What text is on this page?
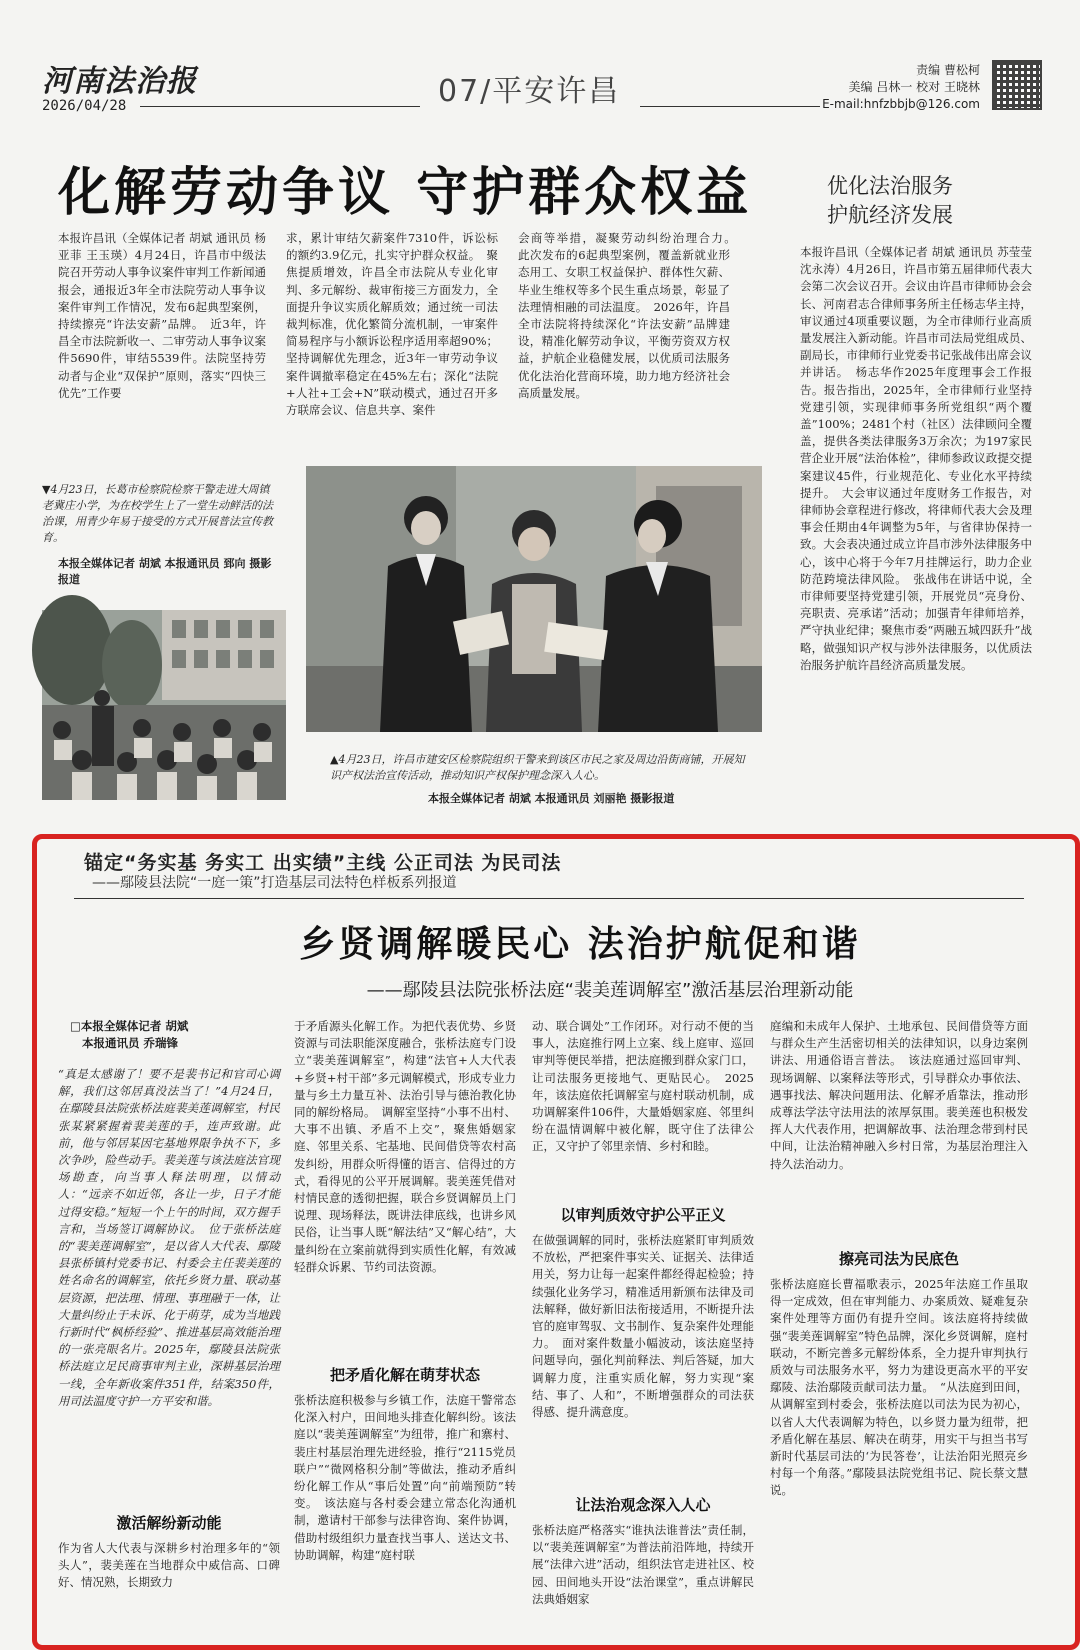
河南法治报
2026/04/28	07/平安许昌
责编 曹松柯
美编 吕林一 校对 王晓林
E-mail:hnfzbbjb@126.com
化解劳动争议 守护群众权益
本报许昌讯（全媒体记者 胡斌 通讯员 杨亚菲 王玉瑛）4月24日，许昌市中级法院召开劳动人事争议案件审判工作新闻通报会，通报近3年全市法院劳动人事争议案件审判工作情况，发布6起典型案例，持续擦亮“许法安薪”品牌。　近3年，许昌全市法院新收一、二审劳动人事争议案件5690件，审结5539件。法院坚持劳动者与企业“双保护”原则，落实“四快三优先”工作要
求，累计审结欠薪案件7310件，诉讼标的额约3.9亿元，扎实守护群众权益。　聚焦提质增效，许昌全市法院从专业化审判、多元解纷、裁审衔接三方面发力，全面提升争议实质化解质效；通过统一司法裁判标准，优化繁简分流机制，一审案件简易程序与小额诉讼程序适用率超90%；坚持调解优先理念，近3年一审劳动争议案件调撤率稳定在45%左右；深化“法院+人社+工会+N”联动模式，通过召开多方联席会议、信息共享、案件
会商等举措，凝聚劳动纠纷治理合力。　此次发布的6起典型案例，覆盖新就业形态用工、女职工权益保护、群体性欠薪、毕业生维权等多个民生重点场景，彰显了法理情相融的司法温度。　2026年，许昌全市法院将持续深化“许法安薪”品牌建设，精准化解劳动争议，平衡劳资双方权益，护航企业稳健发展，以优质司法服务优化法治化营商环境，助力地方经济社会高质量发展。
优化法治服务
护航经济发展
本报许昌讯（全媒体记者 胡斌 通讯员 苏莹莹 沈永涛）4月26日，许昌市第五届律师代表大会第二次会议召开。会议由许昌市律师协会会长、河南君志合律师事务所主任杨志华主持，审议通过4项重要议题，为全市律师行业高质量发展注入新动能。许昌市司法局党组成员、副局长，市律师行业党委书记张战伟出席会议并讲话。　杨志华作2025年度理事会工作报告。报告指出，2025年，全市律师行业坚持党建引领，实现律师事务所党组织“两个覆盖”100%；2481个村（社区）法律顾问全覆盖，提供各类法律服务3万余次；为197家民营企业开展“法治体检”，律师参政议政提交提案建议45件，行业规范化、专业化水平持续提升。　大会审议通过年度财务工作报告，对律师协会章程进行修改，将律师代表大会及理事会任期由4年调整为5年，与省律协保持一致。大会表决通过成立许昌市涉外法律服务中心，该中心将于今年7月挂牌运行，助力企业防范跨境法律风险。　张战伟在讲话中说，全市律师要坚持党建引领，开展党员“亮身份、亮职责、亮承诺”活动；加强青年律师培养，严守执业纪律；聚焦市委“两融五城四跃升”战略，做强知识产权与涉外法律服务，以优质法治服务护航许昌经济高质量发展。
▼4月23日，长葛市检察院检察干警走进大周镇老冀庄小学，为在校学生上了一堂生动鲜活的法治课，用青少年易于接受的方式开展普法宣传教育。
本报全媒体记者 胡斌 本报通讯员 郅向 摄影报道
▲4月23日，许昌市建安区检察院组织干警来到该区市民之家及周边沿街商铺，开展知识产权法治宣传活动，推动知识产权保护理念深入人心。
本报全媒体记者 胡斌 本报通讯员 刘丽艳 摄影报道
锚定“务实基 务实工 出实绩”主线 公正司法 为民司法
——鄢陵县法院“一庭一策”打造基层司法特色样板系列报道
乡贤调解暖民心 法治护航促和谐
——鄢陵县法院张桥法庭“裴美莲调解室”激活基层治理新动能
□本报全媒体记者 胡斌
本报通讯员 乔瑞锋
“真是太感谢了！要不是裴书记和官司心调解，我们这邻居真没法当了！”4月24日，在鄢陵县法院张桥法庭裴美莲调解室，村民张某紧紧握着裴美莲的手，连声致谢。此前，他与邻居某因宅基地界限争执不下，多次争吵，险些动手。裴美莲与该法庭法官现场勘查，向当事人释法明理，以情动人：“远亲不如近邻，各让一步，日子才能过得安稳。”短短一个上午的时间，双方握手言和，当场签订调解协议。　位于张桥法庭的“裴美莲调解室”，是以省人大代表、鄢陵县张桥镇村党委书记、村委会主任裴美莲的姓名命名的调解室，依托乡贤力量、联动基层资源，把法理、情理、事理融于一体，让大量纠纷止于未诉、化于萌芽，成为当地践行新时代“枫桥经验”、推进基层高效能治理的一张亮眼名片。2025年，鄢陵县法院张桥法庭立足民商事审判主业，深耕基层治理一线，全年新收案件351件，结案350件，用司法温度守护一方平安和谐。
激活解纷新动能
作为省人大代表与深耕乡村治理多年的“领头人”，裴美莲在当地群众中威信高、口碑好、情况熟，长期致力
于矛盾源头化解工作。为把代表优势、乡贤资源与司法职能深度融合，张桥法庭专门设立“裴美莲调解室”，构建“法官+人大代表+乡贤+村干部”多元调解模式，形成专业力量与乡土力量互补、法治引导与德治教化协同的解纷格局。　调解室坚持“小事不出村、大事不出镇、矛盾不上交”，聚焦婚姻家庭、邻里关系、宅基地、民间借贷等农村高发纠纷，用群众听得懂的语言、信得过的方式，看得见的公平开展调解。裴美莲凭借对村情民意的透彻把握，联合乡贤调解员上门说理、现场释法，既讲法律底线，也讲乡风民俗，让当事人既“解法结”又“解心结”，大量纠纷在立案前就得到实质性化解，有效减轻群众诉累、节约司法资源。
把矛盾化解在萌芽状态
张桥法庭积极参与乡镇工作，法庭干警常态化深入村户，田间地头排查化解纠纷。该法庭以“裴美莲调解室”为纽带，推广和寨村、裴庄村基层治理先进经验，推行“2115党员联户”“微网格积分制”等做法，推动矛盾纠纷化解工作从“事后处置”向“前端预防”转变。　该法庭与各村委会建立常态化沟通机制，邀请村干部参与法律咨询、案件协调，借助村级组织力量查找当事人、送达文书、协助调解，构建“庭村联
动、联合调处”工作闭环。对行动不便的当事人，法庭推行网上立案、线上庭审、巡回审判等便民举措，把法庭搬到群众家门口，让司法服务更接地气、更贴民心。　2025年，该法庭依托调解室与庭村联动机制，成功调解案件106件，大量婚姻家庭、邻里纠纷在温情调解中被化解，既守住了法律公正，又守护了邻里亲情、乡村和睦。
以审判质效守护公平正义
在做强调解的同时，张桥法庭紧盯审判质效不放松，严把案件事实关、证据关、法律适用关，努力让每一起案件都经得起检验；持续强化业务学习，精准适用新颁布法律及司法解释，做好新旧法衔接适用，不断提升法官的庭审驾驭、文书制作、复杂案件处理能力。　面对案件数量小幅波动，该法庭坚持问题导向，强化判前释法、判后答疑，加大调解力度，注重实质化解，努力实现“案结、事了、人和”，不断增强群众的司法获得感、提升满意度。
让法治观念深入人心
张桥法庭严格落实“谁执法谁普法”责任制，以“裴美莲调解室”为普法前沿阵地，持续开展“法律六进”活动，组织法官走进社区、校园、田间地头开设“法治课堂”，重点讲解民法典婚姻家
庭编和未成年人保护、土地承包、民间借贷等方面与群众生产生活密切相关的法律知识，以身边案例讲法、用通俗语言普法。　该法庭通过巡回审判、现场调解、以案释法等形式，引导群众办事依法、遇事找法、解决问题用法、化解矛盾靠法，推动形成尊法学法守法用法的浓厚氛围。裴美莲也积极发挥人大代表作用，把调解故事、法治理念带到村民中间，让法治精神融入乡村日常，为基层治理注入持久法治动力。
擦亮司法为民底色
张桥法庭庭长曹福歌表示，2025年法庭工作虽取得一定成效，但在审判能力、办案质效、疑难复杂案件处理等方面仍有提升空间。该法庭将持续做强“裴美莲调解室”特色品牌，深化乡贤调解，庭村联动，不断完善多元解纷体系，全力提升审判执行质效与司法服务水平，努力为建设更高水平的平安鄢陵、法治鄢陵贡献司法力量。　“从法庭到田间，从调解室到村委会，张桥法庭以司法为民为初心，以省人大代表调解为特色，以乡贤力量为纽带，把矛盾化解在基层、解决在萌芽，用实干与担当书写新时代基层司法的‘为民答卷’，让法治阳光照亮乡村每一个角落。”鄢陵县法院党组书记、院长蔡文慧说。
